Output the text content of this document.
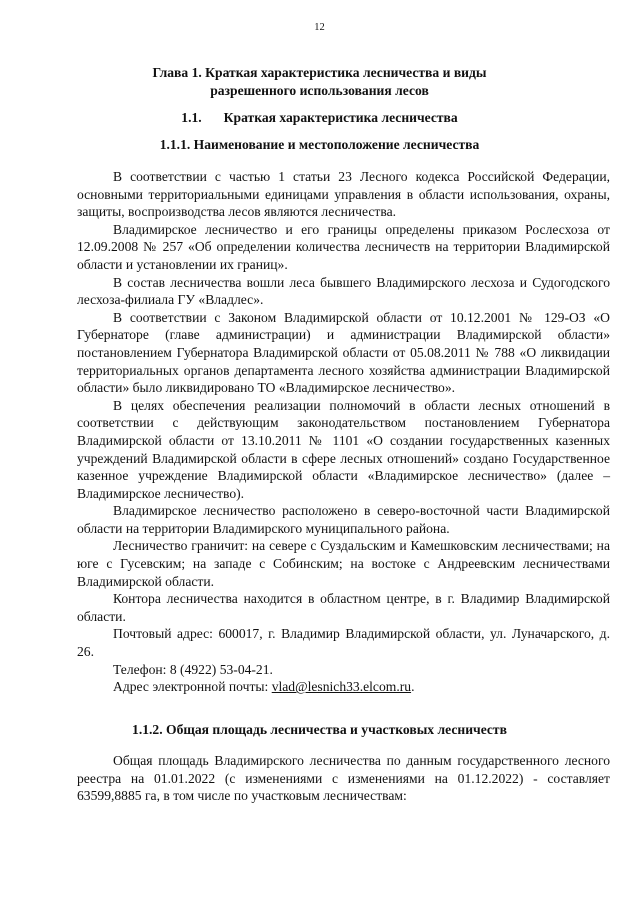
12
Глава 1. Краткая характеристика лесничества и виды
разрешенного использования лесов
1.1. Краткая характеристика лесничества
1.1.1. Наименование и местоположение лесничества

В соответствии с частью 1 статьи 23 Лесного кодекса Российской Федерации, основными территориальными единицами управления в области использования, охраны, защиты, воспроизводства лесов являются лесничества.

Владимирское лесничество и его границы определены приказом Рослесхоза от 12.09.2008 № 257 «Об определении количества лесничеств на территории Владимирской области и установлении их границ».

В состав лесничества вошли леса бывшего Владимирского лесхоза и Судогодского лесхоза-филиала ГУ «Владлес».

В соответствии с Законом Владимирской области от 10.12.2001 № 129-ОЗ «О Губернаторе (главе администрации) и администрации Владимирской области» постановлением Губернатора Владимирской области от 05.08.2011 № 788 «О ликвидации территориальных органов департамента лесного хозяйства администрации Владимирской области» было ликвидировано ТО «Владимирское лесничество».

В целях обеспечения реализации полномочий в области лесных отношений в соответствии с действующим законодательством постановлением Губернатора Владимирской области от 13.10.2011 № 1101 «О создании государственных казенных учреждений Владимирской области в сфере лесных отношений» создано Государственное казенное учреждение Владимирской области «Владимирское лесничество» (далее – Владимирское лесничество).

Владимирское лесничество расположено в северо-восточной части Владимирской области на территории Владимирского муниципального района.

Лесничество граничит: на севере с Суздальским и Камешковским лесничествами; на юге с Гусевским; на западе с Собинским; на востоке с Андреевским лесничествами Владимирской области.

Контора лесничества находится в областном центре, в г. Владимир Владимирской области.

Почтовый адрес: 600017, г. Владимир Владимирской области, ул. Луначарского, д. 26.

Телефон: 8 (4922) 53-04-21.

Адрес электронной почты: vlad@lesnich33.elcom.ru.

1.1.2. Общая площадь лесничества и участковых лесничеств

Общая площадь Владимирского лесничества по данным государственного лесного реестра на 01.01.2022 (с изменениями с изменениями на 01.12.2022) - составляет 63599,8885 га, в том числе по участковым лесничествам:
